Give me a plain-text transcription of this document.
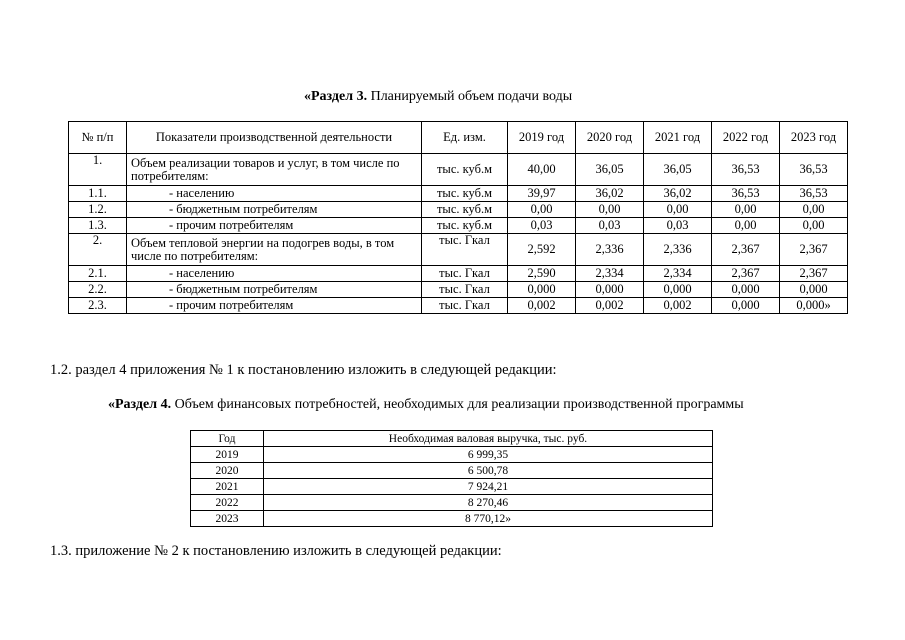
«Раздел 3. Планируемый объем подачи воды
№ п/п	Показатели производственной деятельности	Ед. изм.	2019 год	2020 год	2021 год	2022 год	2023 год
1.	Объем реализации товаров и услуг, в том числе по потребителям:	тыс. куб.м	40,00	36,05	36,05	36,53	36,53
1.1.	- населению	тыс. куб.м	39,97	36,02	36,02	36,53	36,53
1.2.	- бюджетным потребителям	тыс. куб.м	0,00	0,00	0,00	0,00	0,00
1.3.	- прочим потребителям	тыс. куб.м	0,03	0,03	0,03	0,00	0,00
2.	Объем тепловой энергии на подогрев воды, в том числе по потребителям:	тыс. Гкал	2,592	2,336	2,336	2,367	2,367
2.1.	- населению	тыс. Гкал	2,590	2,334	2,334	2,367	2,367
2.2.	- бюджетным потребителям	тыс. Гкал	0,000	0,000	0,000	0,000	0,000
2.3.	- прочим потребителям	тыс. Гкал	0,002	0,002	0,002	0,000	0,000»
1.2. раздел 4 приложения № 1 к постановлению изложить в следующей редакции:
«Раздел 4. Объем финансовых потребностей, необходимых для реализации производственной программы
Год	Необходимая валовая выручка, тыс. руб.
2019	6 999,35
2020	6 500,78
2021	7 924,21
2022	8 270,46
2023	8 770,12»
1.3. приложение № 2 к постановлению изложить в следующей редакции:
